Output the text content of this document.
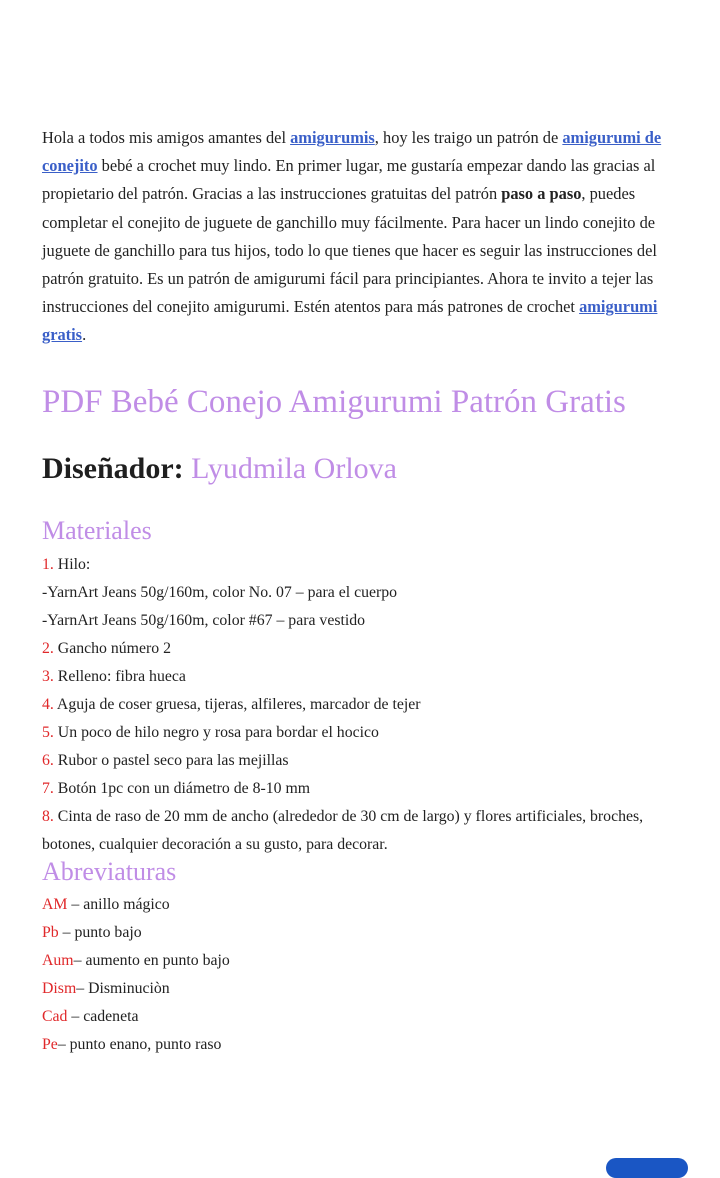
Hola a todos mis amigos amantes del amigurumis, hoy les traigo un patrón de amigurumi de conejito bebé a crochet muy lindo. En primer lugar, me gustaría empezar dando las gracias al propietario del patrón. Gracias a las instrucciones gratuitas del patrón paso a paso, puedes completar el conejito de juguete de ganchillo muy fácilmente. Para hacer un lindo conejito de juguete de ganchillo para tus hijos, todo lo que tienes que hacer es seguir las instrucciones del patrón gratuito. Es un patrón de amigurumi fácil para principiantes. Ahora te invito a tejer las instrucciones del conejito amigurumi. Estén atentos para más patrones de crochet amigurumi gratis.

PDF Bebé Conejo Amigurumi Patrón Gratis
Diseñador: Lyudmila Orlova
Materiales
1. Hilo:
-YarnArt Jeans 50g/160m, color No. 07 – para el cuerpo
-YarnArt Jeans 50g/160m, color #67 – para vestido
2. Gancho número 2
3. Relleno: fibra hueca
4. Aguja de coser gruesa, tijeras, alfileres, marcador de tejer
5. Un poco de hilo negro y rosa para bordar el hocico
6. Rubor o pastel seco para las mejillas
7. Botón 1pc con un diámetro de 8-10 mm
8. Cinta de raso de 20 mm de ancho (alrededor de 30 cm de largo) y flores artificiales, broches, botones, cualquier decoración a su gusto, para decorar.
Abreviaturas
AM – anillo mágico
Pb – punto bajo
Aum– aumento en punto bajo
Dism– Disminuciòn
Cad – cadeneta
Pe– punto enano, punto raso
